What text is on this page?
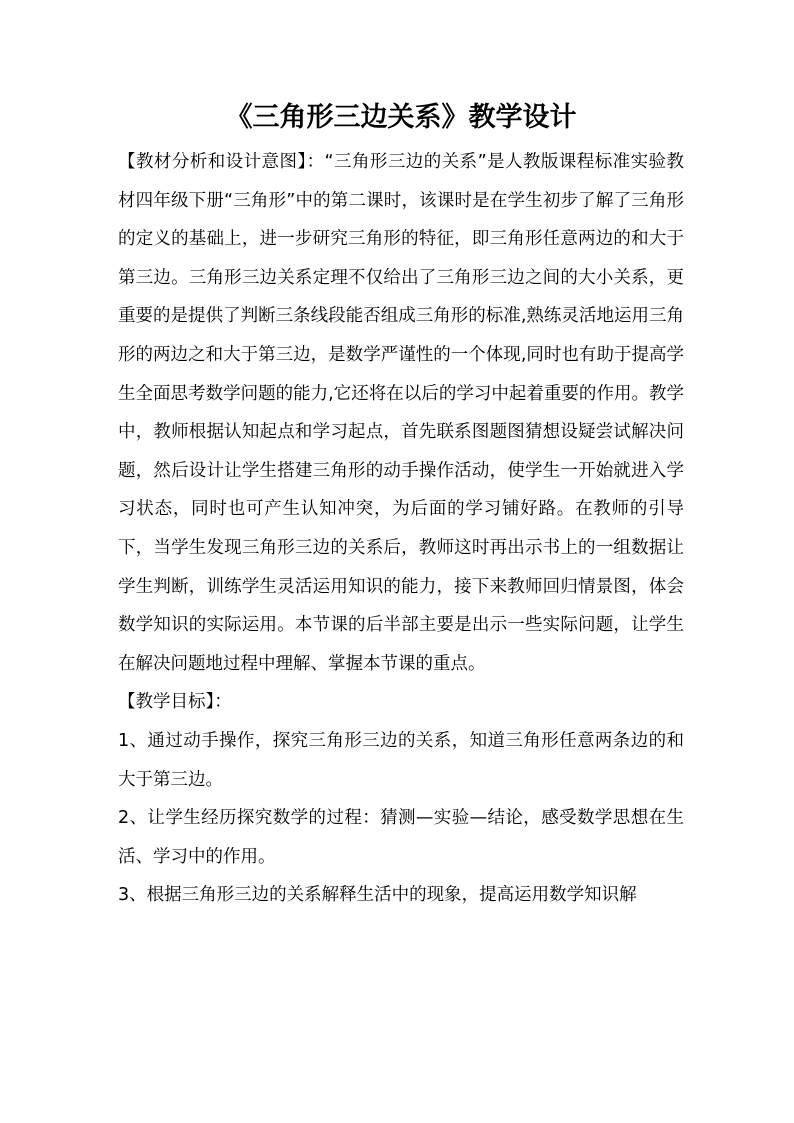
《三角形三边关系》教学设计

【教材分析和设计意图】：“三角形三边的关系”是人教版课程标准实验教材四年级下册“三角形”中的第二课时，该课时是在学生初步了解了三角形的定义的基础上，进一步研究三角形的特征，即三角形任意两边的和大于第三边。三角形三边关系定理不仅给出了三角形三边之间的大小关系，更重要的是提供了判断三条线段能否组成三角形的标准,熟练灵活地运用三角形的两边之和大于第三边，是数学严谨性的一个体现,同时也有助于提高学生全面思考数学问题的能力,它还将在以后的学习中起着重要的作用。教学中，教师根据认知起点和学习起点，首先联系图题图猜想设疑尝试解决问题，然后设计让学生搭建三角形的动手操作活动，使学生一开始就进入学习状态，同时也可产生认知冲突，为后面的学习铺好路。在教师的引导下，当学生发现三角形三边的关系后，教师这时再出示书上的一组数据让学生判断，训练学生灵活运用知识的能力，接下来教师回归情景图，体会数学知识的实际运用。本节课的后半部主要是出示一些实际问题，让学生在解决问题地过程中理解、掌握本节课的重点。

【教学目标】：

1、通过动手操作，探究三角形三边的关系，知道三角形任意两条边的和大于第三边。

2、让学生经历探究数学的过程：猜测—实验—结论，感受数学思想在生活、学习中的作用。

3、根据三角形三边的关系解释生活中的现象，提高运用数学知识解
